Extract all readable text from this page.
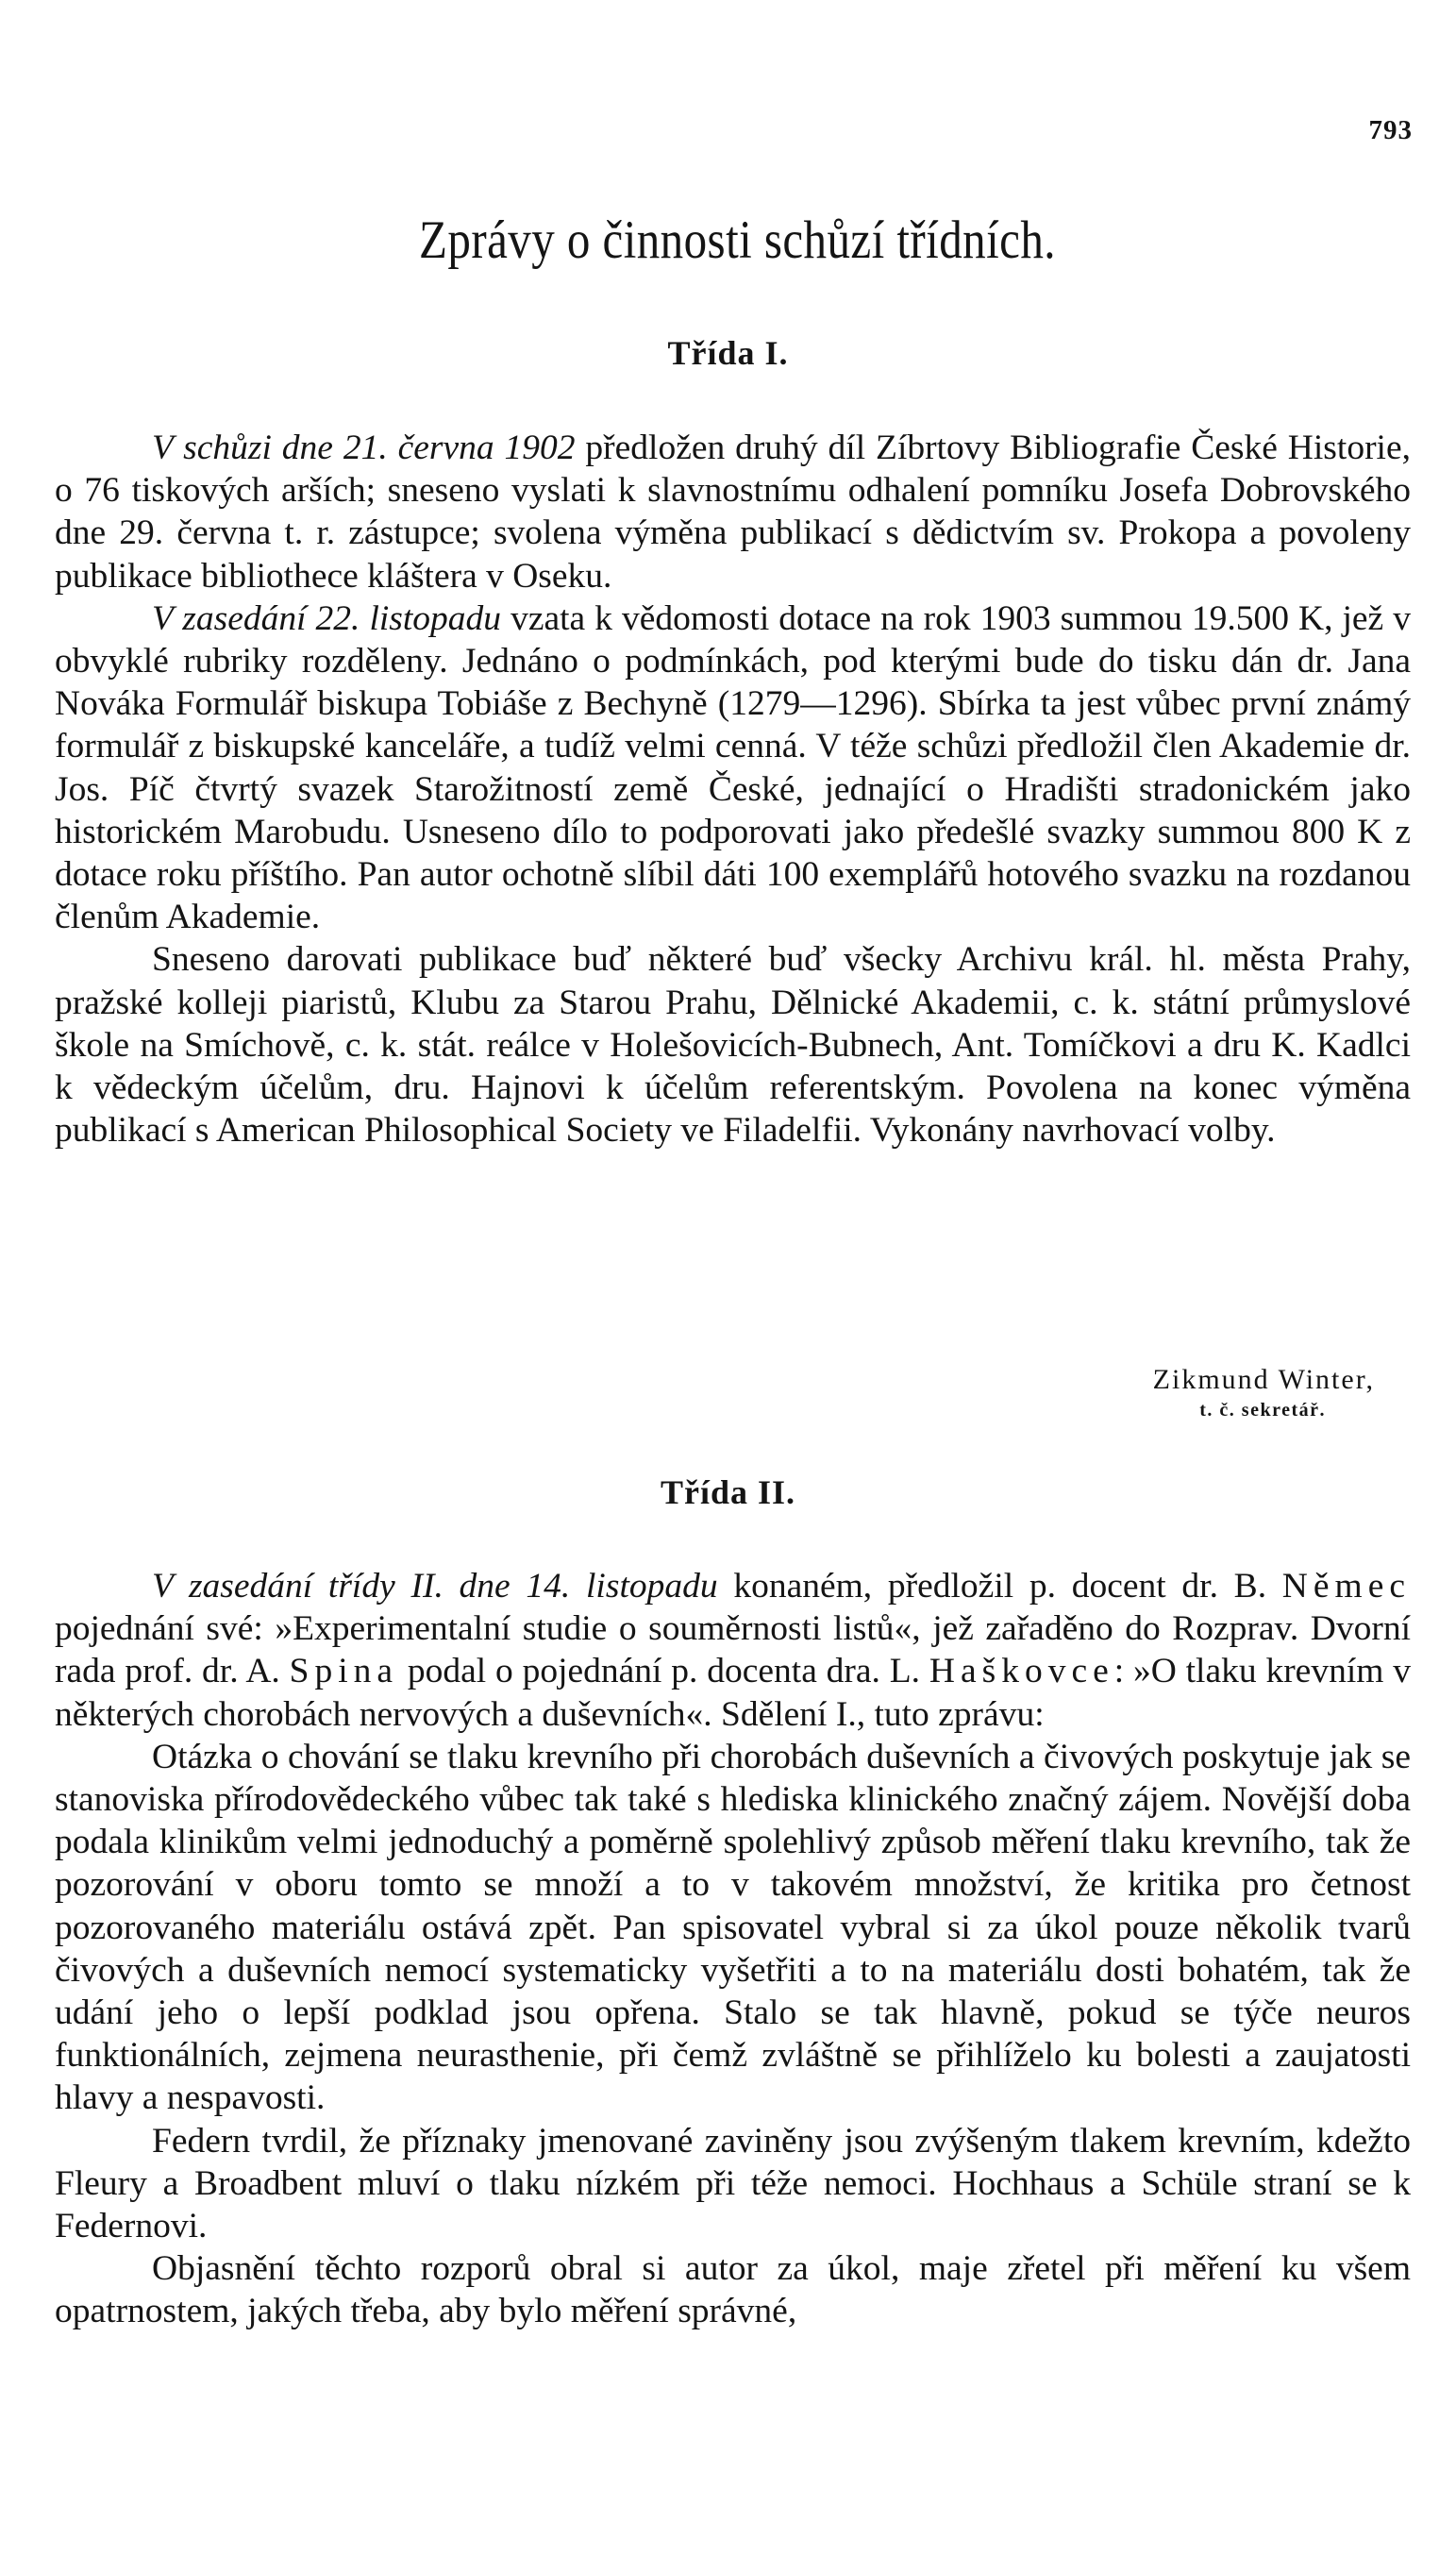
793
Zprávy o činnosti schůzí třídních.
Třída I.

V schůzi dne 21. června 1902 předložen druhý díl Zíbrtovy Bibliografie České Historie, o 76 tiskových arších; sneseno vyslati k slavnostnímu odhalení pomníku Josefa Dobrovského dne 29. června t. r. zástupce; svolena výměna publikací s dědictvím sv. Prokopa a povoleny publikace bibliothece kláštera v Oseku.

V zasedání 22. listopadu vzata k vědomosti dotace na rok 1903 summou 19.500 K, jež v obvyklé rubriky rozděleny. Jednáno o podmínkách, pod kterými bude do tisku dán dr. Jana Nováka Formulář biskupa Tobiáše z Bechyně (1279—1296). Sbírka ta jest vůbec první známý formulář z biskupské kanceláře, a tudíž velmi cenná. V téže schůzi předložil člen Akademie dr. Jos. Píč čtvrtý svazek Starožitností země České, jednající o Hradišti stradonickém jako historickém Marobudu. Usneseno dílo to podporovati jako předešlé svazky summou 800 K z dotace roku příštího. Pan autor ochotně slíbil dáti 100 exemplářů hotového svazku na rozdanou členům Akademie.

Sneseno darovati publikace buď některé buď všecky Archivu král. hl. města Prahy, pražské kolleji piaristů, Klubu za Starou Prahu, Dělnické Akademii, c. k. státní průmyslové škole na Smíchově, c. k. stát. reálce v Holešovicích-Bubnech, Ant. Tomíčkovi a dru K. Kadlci k vědeckým účelům, dru. Hajnovi k účelům referentským. Povolena na konec výměna publikací s American Philosophical Society ve Filadelfii. Vykonány navrhovací volby.

Zikmund Winter,
t. č. sekretář.
Třída II.

V zasedání třídy II. dne 14. listopadu konaném, předložil p. docent dr. B. Němec pojednání své: »Experimentalní studie o souměrnosti listů«, jež zařaděno do Rozprav. Dvorní rada prof. dr. A. Spina podal o pojednání p. docenta dra. L. Haškovce: »O tlaku krevním v některých chorobách nervových a duševních«. Sdělení I., tuto zprávu:

Otázka o chování se tlaku krevního při chorobách duševních a čivových poskytuje jak se stanoviska přírodovědeckého vůbec tak také s hlediska klinického značný zájem. Novější doba podala klinikům velmi jednoduchý a poměrně spolehlivý způsob měření tlaku krevního, tak že pozorování v oboru tomto se množí a to v takovém množství, že kritika pro četnost pozorovaného materiálu ostává zpět. Pan spisovatel vybral si za úkol pouze několik tvarů čivových a duševních nemocí systematicky vyšetřiti a to na materiálu dosti bohatém, tak že udání jeho o lepší podklad jsou opřena. Stalo se tak hlavně, pokud se týče neuros funktionálních, zejmena neurasthenie, při čemž zvláštně se přihlíželo ku bolesti a zaujatosti hlavy a nespavosti.

Federn tvrdil, že příznaky jmenované zaviněny jsou zvýšeným tlakem krevním, kdežto Fleury a Broadbent mluví o tlaku nízkém při téže nemoci. Hochhaus a Schüle straní se k Federnovi.

Objasnění těchto rozporů obral si autor za úkol, maje zřetel při měření ku všem opatrnostem, jakých třeba, aby bylo měření správné,
